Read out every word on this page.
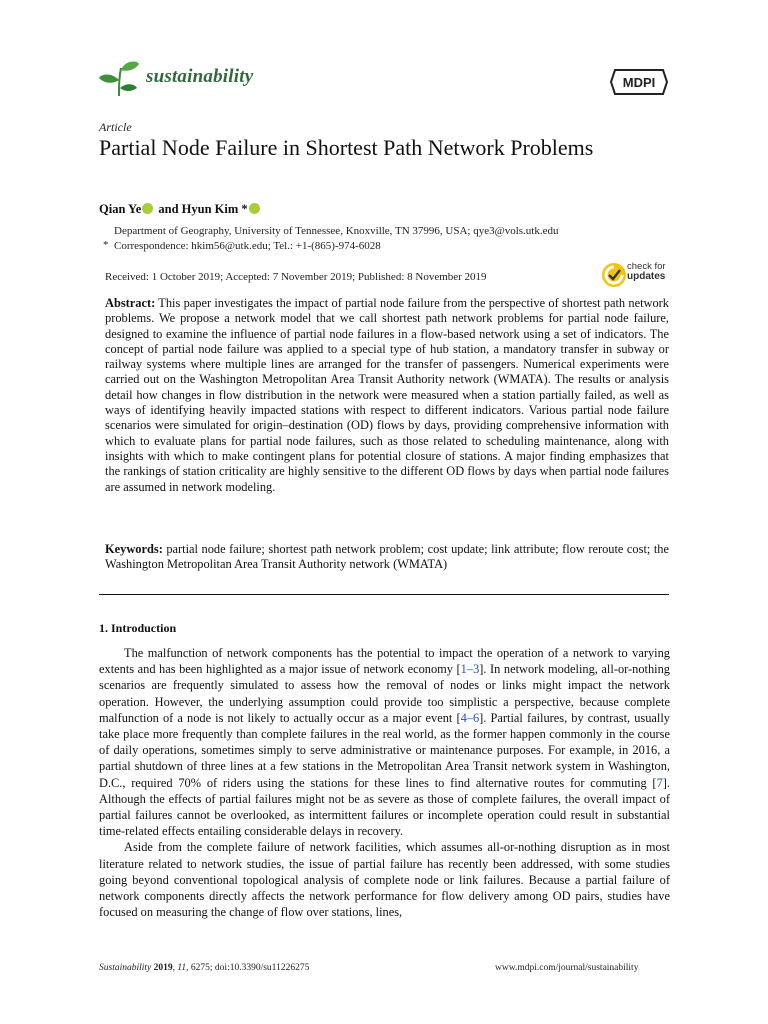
sustainability	MDPI
Article
Partial Node Failure in Shortest Path Network Problems
Qian Ye and Hyun Kim *
Department of Geography, University of Tennessee, Knoxville, TN 37996, USA; qye3@vols.utk.edu
Correspondence: hkim56@utk.edu; Tel.: +1-(865)-974-6028
*
Received: 1 October 2019; Accepted: 7 November 2019; Published: 8 November 2019
check for
updates
Abstract: This paper investigates the impact of partial node failure from the perspective of shortest path network problems. We propose a network model that we call shortest path network problems for partial node failure, designed to examine the influence of partial node failures in a flow-based network using a set of indicators. The concept of partial node failure was applied to a special type of hub station, a mandatory transfer in subway or railway systems where multiple lines are arranged for the transfer of passengers. Numerical experiments were carried out on the Washington Metropolitan Area Transit Authority network (WMATA). The results or analysis detail how changes in flow distribution in the network were measured when a station partially failed, as well as ways of identifying heavily impacted stations with respect to different indicators. Various partial node failure scenarios were simulated for origin–destination (OD) flows by days, providing comprehensive information with which to evaluate plans for partial node failures, such as those related to scheduling maintenance, along with insights with which to make contingent plans for potential closure of stations. A major finding emphasizes that the rankings of station criticality are highly sensitive to the different OD flows by days when partial node failures are assumed in network modeling.
Keywords: partial node failure; shortest path network problem; cost update; link attribute; flow reroute cost; the Washington Metropolitan Area Transit Authority network (WMATA)
1. Introduction

The malfunction of network components has the potential to impact the operation of a network to varying extents and has been highlighted as a major issue of network economy [1–3]. In network modeling, all-or-nothing scenarios are frequently simulated to assess how the removal of nodes or links might impact the network operation. However, the underlying assumption could provide too simplistic a perspective, because complete malfunction of a node is not likely to actually occur as a major event [4–6]. Partial failures, by contrast, usually take place more frequently than complete failures in the real world, as the former happen commonly in the course of daily operations, sometimes simply to serve administrative or maintenance purposes. For example, in 2016, a partial shutdown of three lines at a few stations in the Metropolitan Area Transit network system in Washington, D.C., required 70% of riders using the stations for these lines to find alternative routes for commuting [7]. Although the effects of partial failures might not be as severe as those of complete failures, the overall impact of partial failures cannot be overlooked, as intermittent failures or incomplete operation could result in substantial time-related effects entailing considerable delays in recovery.

Aside from the complete failure of network facilities, which assumes all-or-nothing disruption as in most literature related to network studies, the issue of partial failure has recently been addressed, with some studies going beyond conventional topological analysis of complete node or link failures. Because a partial failure of network components directly affects the network performance for flow delivery among OD pairs, studies have focused on measuring the change of flow over stations, lines,

Sustainability 2019, 11, 6275; doi:10.3390/su11226275	www.mdpi.com/journal/sustainability
